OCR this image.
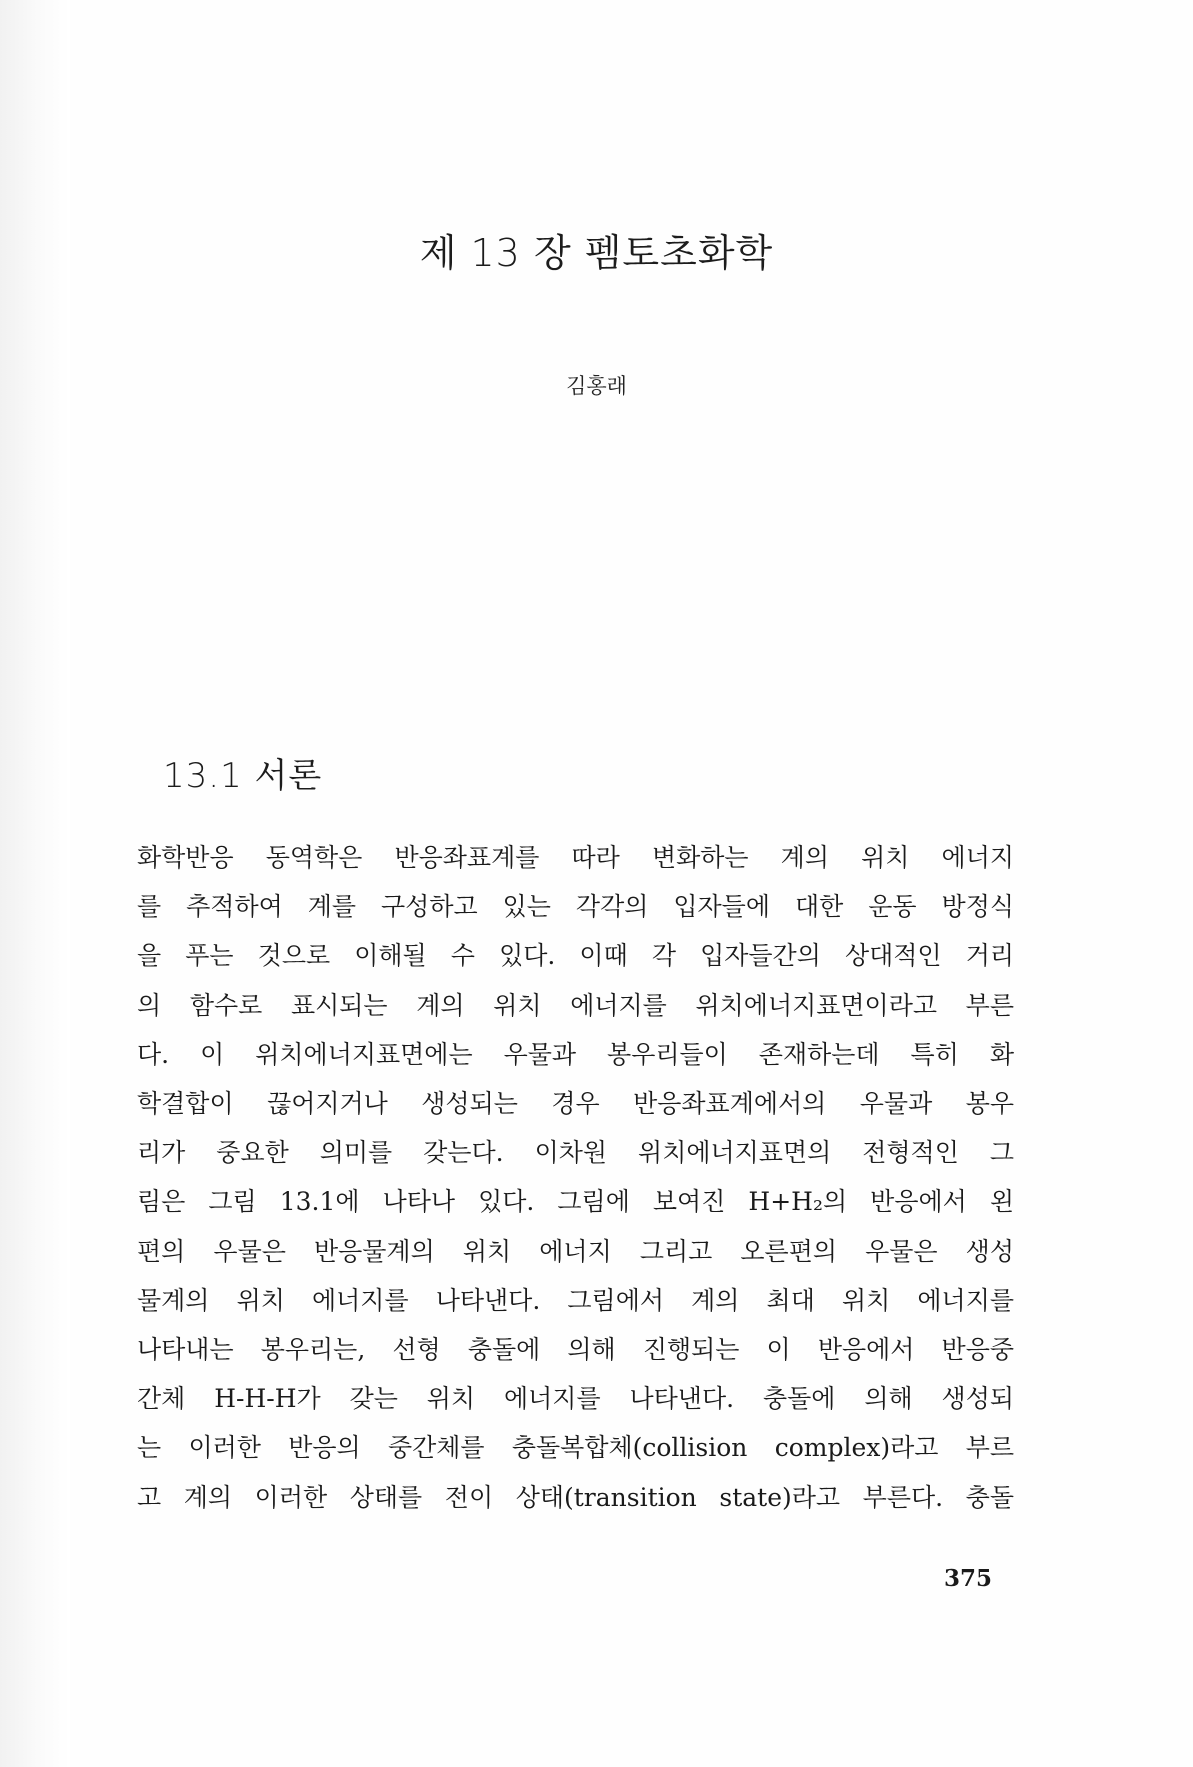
제 13 장 펨토초화학
김홍래
13.1 서론
화학반응 동역학은 반응좌표계를 따라 변화하는 계의 위치 에너지
를 추적하여 계를 구성하고 있는 각각의 입자들에 대한 운동 방정식
을 푸는 것으로 이해될 수 있다. 이때 각 입자들간의 상대적인 거리
의 함수로 표시되는 계의 위치 에너지를 위치에너지표면이라고 부른
다. 이 위치에너지표면에는 우물과 봉우리들이 존재하는데 특히 화
학결합이 끊어지거나 생성되는 경우 반응좌표계에서의 우물과 봉우
리가 중요한 의미를 갖는다. 이차원 위치에너지표면의 전형적인 그
림은 그림 13.1에 나타나 있다. 그림에 보여진 H+H₂의 반응에서 왼
편의 우물은 반응물계의 위치 에너지 그리고 오른편의 우물은 생성
물계의 위치 에너지를 나타낸다. 그림에서 계의 최대 위치 에너지를
나타내는 봉우리는, 선형 충돌에 의해 진행되는 이 반응에서 반응중
간체 H-H-H가 갖는 위치 에너지를 나타낸다. 충돌에 의해 생성되
는 이러한 반응의 중간체를 충돌복합체(collision complex)라고 부르
고 계의 이러한 상태를 전이 상태(transition state)라고 부른다. 충돌
375
